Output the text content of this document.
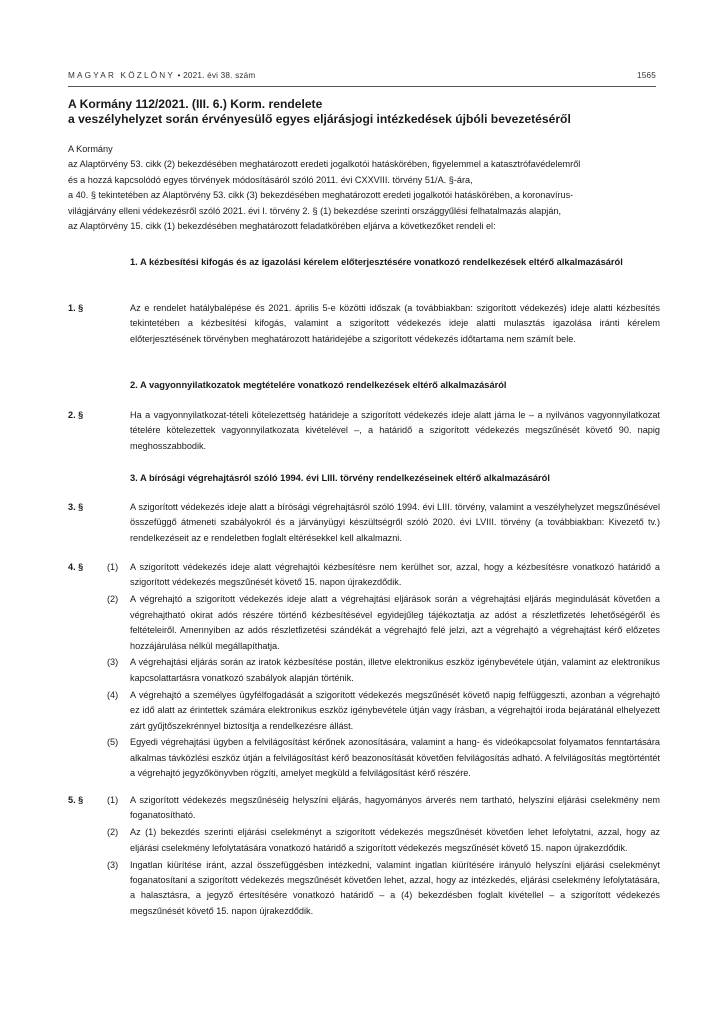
MAGYAR KÖZLÖNY • 2021. évi 38. szám	1565
A Kormány 112/2021. (III. 6.) Korm. rendelete
a veszélyhelyzet során érvényesülő egyes eljárásjogi intézkedések újbóli bevezetéséről
A Kormány
az Alaptörvény 53. cikk (2) bekezdésében meghatározott eredeti jogalkotói hatáskörében, figyelemmel a katasztrófavédelemről
és a hozzá kapcsolódó egyes törvények módosításáról szóló 2011. évi CXXVIII. törvény 51/A. §-ára,
a 40. § tekintetében az Alaptörvény 53. cikk (3) bekezdésében meghatározott eredeti jogalkotói hatáskörében, a koronavírus-
világjárvány elleni védekezésről szóló 2021. évi I. törvény 2. § (1) bekezdése szerinti országgyűlési felhatalmazás alapján,
az Alaptörvény 15. cikk (1) bekezdésében meghatározott feladatkörében eljárva a következőket rendeli el:
1. A kézbesítési kifogás és az igazolási kérelem előterjesztésére vonatkozó rendelkezések eltérő alkalmazásáról
1. §	Az e rendelet hatálybalépése és 2021. április 5-e közötti időszak (a továbbiakban: szigorított védekezés) ideje alatti kézbesítés tekintetében a kézbesítési kifogás, valamint a szigorított védekezés ideje alatti mulasztás igazolása iránti kérelem előterjesztésének törvényben meghatározott határidejébe a szigorított védekezés időtartama nem számít bele.
2. A vagyonnyilatkozatok megtételére vonatkozó rendelkezések eltérő alkalmazásáról
2. §	Ha a vagyonnyilatkozat-tételi kötelezettség határideje a szigorított védekezés ideje alatt járna le – a nyilvános vagyonnyilatkozat tételére kötelezettek vagyonnyilatkozata kivételével –, a határidő a szigorított védekezés megszűnését követő 90. napig meghosszabbodik.
3. A bírósági végrehajtásról szóló 1994. évi LIII. törvény rendelkezéseinek eltérő alkalmazásáról
3. §	A szigorított védekezés ideje alatt a bírósági végrehajtásról szóló 1994. évi LIII. törvény, valamint a veszélyhelyzet megszűnésével összefüggő átmeneti szabályokról és a járványügyi készültségről szóló 2020. évi LVIII. törvény (a továbbiakban: Kivezető tv.) rendelkezéseit az e rendeletben foglalt eltérésekkel kell alkalmazni.
4. §	(1) A szigorított védekezés ideje alatt végrehajtói kézbesítésre nem kerülhet sor, azzal, hogy a kézbesítésre vonatkozó határidő a szigorított védekezés megszűnését követő 15. napon újrakezdődik.
(2) A végrehajtó a szigorított védekezés ideje alatt a végrehajtási eljárások során a végrehajtási eljárás megindulását követően a végrehajtható okirat adós részére történő kézbesítésével egyidejűleg tájékoztatja az adóst a részletfizetés lehetőségéről és feltételeiről. Amennyiben az adós részletfizetési szándékát a végrehajtó felé jelzi, azt a végrehajtó a végrehajtást kérő előzetes hozzájárulása nélkül megállapíthatja.
(3) A végrehajtási eljárás során az iratok kézbesítése postán, illetve elektronikus eszköz igénybevétele útján, valamint az elektronikus kapcsolattartásra vonatkozó szabályok alapján történik.
(4) A végrehajtó a személyes ügyfélfogadását a szigorított védekezés megszűnését követő napig felfüggeszti, azonban a végrehajtó ez idő alatt az érintettek számára elektronikus eszköz igénybevétele útján vagy írásban, a végrehajtói iroda bejáratánál elhelyezett zárt gyűjtőszekrénnyel biztosítja a rendelkezésre állást.
(5) Egyedi végrehajtási ügyben a felvilágosítást kérőnek azonosítására, valamint a hang- és videókapcsolat folyamatos fenntartására alkalmas távközlési eszköz útján a felvilágosítást kérő beazonosítását követően felvilágosítás adható. A felvilágosítás megtörténtét a végrehajtó jegyzőkönyvben rögzíti, amelyet megküld a felvilágosítást kérő részére.
5. §	(1) A szigorított védekezés megszűnéséig helyszíni eljárás, hagyományos árverés nem tartható, helyszíni eljárási cselekmény nem foganatosítható.
(2) Az (1) bekezdés szerinti eljárási cselekményt a szigorított védekezés megszűnését követően lehet lefolytatni, azzal, hogy az eljárási cselekmény lefolytatására vonatkozó határidő a szigorított védekezés megszűnését követő 15. napon újrakezdődik.
(3) Ingatlan kiürítése iránt, azzal összefüggésben intézkedni, valamint ingatlan kiürítésére irányuló helyszíni eljárási cselekményt foganatosítani a szigorított védekezés megszűnését követően lehet, azzal, hogy az intézkedés, eljárási cselekmény lefolytatására, a halasztásra, a jegyző értesítésére vonatkozó határidő – a (4) bekezdésben foglalt kivétellel – a szigorított védekezés megszűnését követő 15. napon újrakezdődik.
